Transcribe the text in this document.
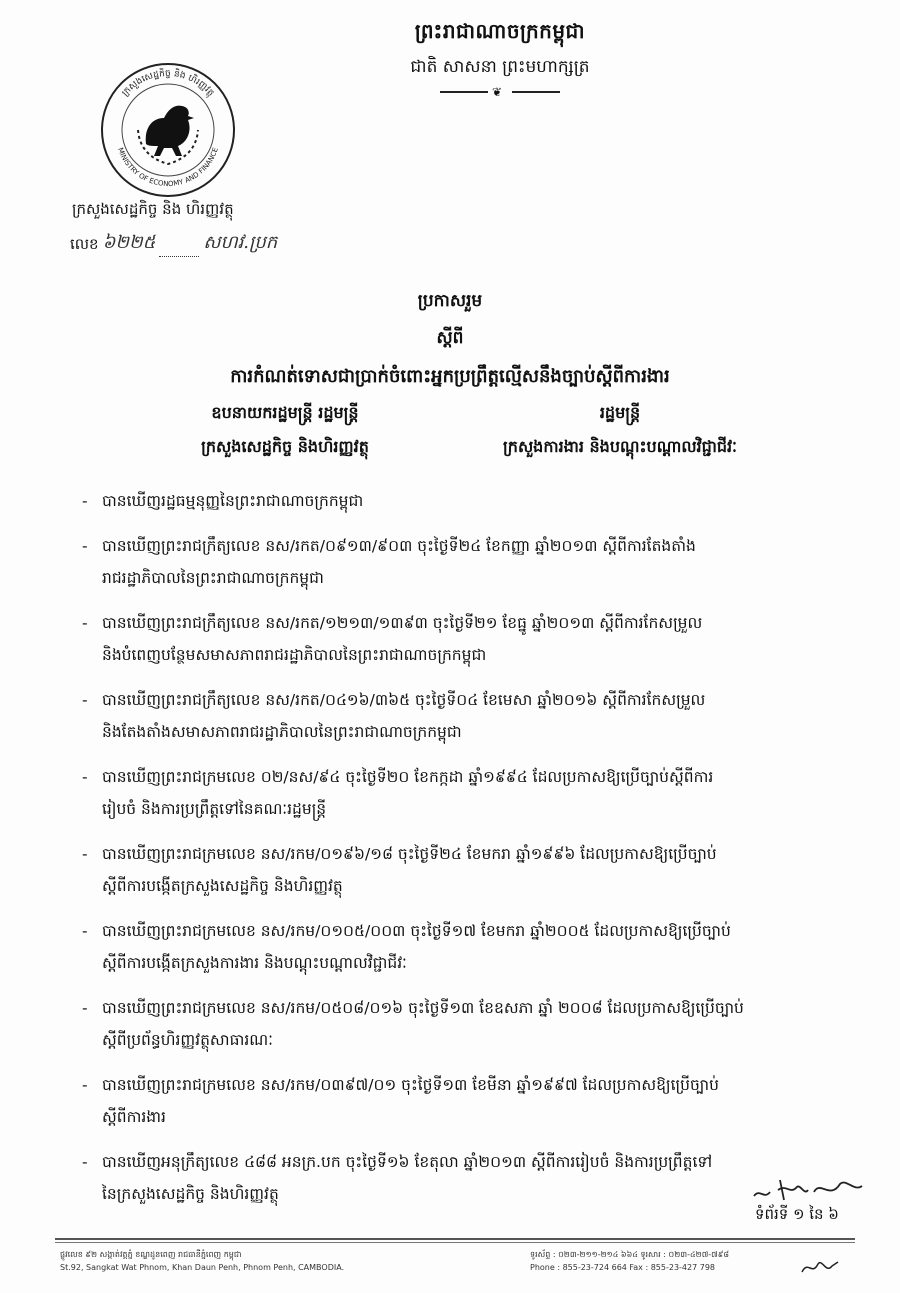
ព្រះរាជាណាចក្រកម្ពុជា
ជាតិ សាសនា ព្រះមហាក្សត្រ
❦
ក្រសួងសេដ្ឋកិច្ច និង ហិរញ្ញវត្ថុ
MINISTRY OF ECONOMY AND FINANCE
ក្រសួងសេដ្ឋកិច្ច និង ហិរញ្ញវត្ថុ
លេខ ៦២២៥	សហវ.ប្រក
ប្រកាសរួម
ស្តីពី
ការកំណត់ទោសជាប្រាក់ចំពោះអ្នកប្រព្រឹត្តល្មើសនឹងច្បាប់ស្តីពីការងារ
ឧបនាយករដ្ឋមន្ត្រី រដ្ឋមន្ត្រី
ក្រសួងសេដ្ឋកិច្ច និងហិរញ្ញវត្ថុ
រដ្ឋមន្ត្រី
ក្រសួងការងារ និងបណ្តុះបណ្តាលវិជ្ជាជីវៈ
- បានឃើញរដ្ឋធម្មនុញ្ញនៃព្រះរាជាណាចក្រកម្ពុជា
- បានឃើញព្រះរាជក្រឹត្យលេខ នស/រកត/០៩១៣/៩០៣ ចុះថ្ងៃទី២៤ ខែកញ្ញា ឆ្នាំ២០១៣ ស្តីពីការតែងតាំង
រាជរដ្ឋាភិបាលនៃព្រះរាជាណាចក្រកម្ពុជា
- បានឃើញព្រះរាជក្រឹត្យលេខ នស/រកត/១២១៣/១៣៩៣ ចុះថ្ងៃទី២១ ខែធ្នូ ឆ្នាំ២០១៣ ស្តីពីការកែសម្រួល
និងបំពេញបន្ថែមសមាសភាពរាជរដ្ឋាភិបាលនៃព្រះរាជាណាចក្រកម្ពុជា
- បានឃើញព្រះរាជក្រឹត្យលេខ នស/រកត/០៤១៦/៣៦៥ ចុះថ្ងៃទី០៤ ខែមេសា ឆ្នាំ២០១៦ ស្តីពីការកែសម្រួល
និងតែងតាំងសមាសភាពរាជរដ្ឋាភិបាលនៃព្រះរាជាណាចក្រកម្ពុជា
- បានឃើញព្រះរាជក្រមលេខ ០២/នស/៩៤ ចុះថ្ងៃទី២០ ខែកក្កដា ឆ្នាំ១៩៩៤ ដែលប្រកាសឱ្យប្រើច្បាប់ស្តីពីការ
រៀបចំ និងការប្រព្រឹត្តទៅនៃគណៈរដ្ឋមន្ត្រី
- បានឃើញព្រះរាជក្រមលេខ នស/រកម/០១៩៦/១៨ ចុះថ្ងៃទី២៤ ខែមករា ឆ្នាំ១៩៩៦ ដែលប្រកាសឱ្យប្រើច្បាប់
ស្តីពីការបង្កើតក្រសួងសេដ្ឋកិច្ច និងហិរញ្ញវត្ថុ
- បានឃើញព្រះរាជក្រមលេខ នស/រកម/០១០៥/០០៣ ចុះថ្ងៃទី១៧ ខែមករា ឆ្នាំ២០០៥ ដែលប្រកាសឱ្យប្រើច្បាប់
ស្តីពីការបង្កើតក្រសួងការងារ និងបណ្តុះបណ្តាលវិជ្ជាជីវៈ
- បានឃើញព្រះរាជក្រមលេខ នស/រកម/០៥០៨/០១៦ ចុះថ្ងៃទី១៣ ខែឧសភា ឆ្នាំ ២០០៨ ដែលប្រកាសឱ្យប្រើច្បាប់
ស្តីពីប្រព័ន្ធហិរញ្ញវត្ថុសាធារណៈ
- បានឃើញព្រះរាជក្រមលេខ នស/រកម/០៣៩៧/០១ ចុះថ្ងៃទី១៣ ខែមីនា ឆ្នាំ១៩៩៧ ដែលប្រកាសឱ្យប្រើច្បាប់
ស្តីពីការងារ
- បានឃើញអនុក្រឹត្យលេខ ៤៨៨ អនក្រ.បក ចុះថ្ងៃទី១៦ ខែតុលា ឆ្នាំ២០១៣ ស្តីពីការរៀបចំ និងការប្រព្រឹត្តទៅ
នៃក្រសួងសេដ្ឋកិច្ច និងហិរញ្ញវត្ថុ
ទំព័រទី ១ នៃ ៦
ផ្លូវលេខ ៩២ សង្កាត់វត្តភ្នំ ខណ្ឌដូនពេញ រាជធានីភ្នំពេញ កម្ពុជា
St.92, Sangkat Wat Phnom, Khan Daun Penh, Phnom Penh, CAMBODIA.
ទូរស័ព្ទ : ០២៣-២១១-២១៤ ៦៦៤ ទូរសារ : ០២៣-៤២៧-៧៩៨
Phone : 855-23-724 664 Fax : 855-23-427 798
